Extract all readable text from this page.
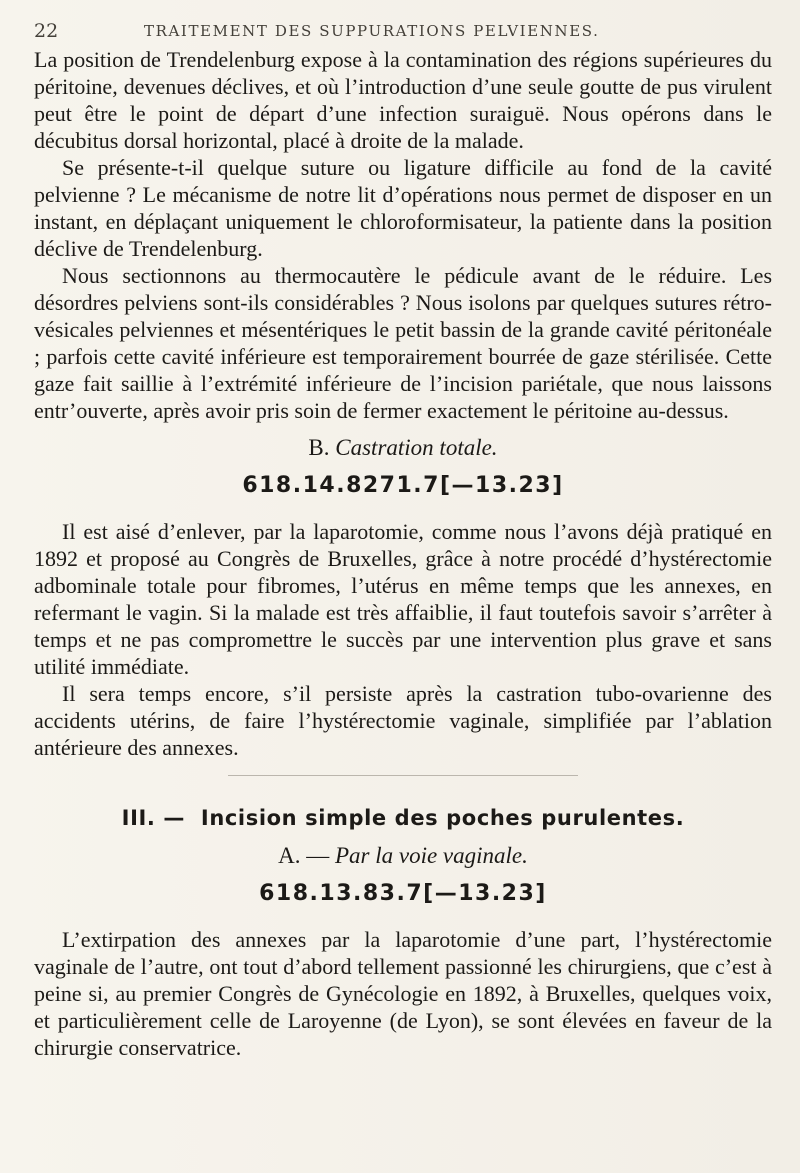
22	TRAITEMENT DES SUPPURATIONS PELVIENNES.

La position de Trendelenburg expose à la contamination des régions supérieures du péritoine, devenues déclives, et où l’introduction d’une seule goutte de pus virulent peut être le point de départ d’une infection suraiguë. Nous opérons dans le décubitus dorsal horizontal, placé à droite de la malade.

Se présente-t-il quelque suture ou ligature difficile au fond de la cavité pelvienne ? Le mécanisme de notre lit d’opérations nous permet de disposer en un instant, en déplaçant uniquement le chloroformisateur, la patiente dans la position déclive de Trendelenburg.

Nous sectionnons au thermocautère le pédicule avant de le réduire. Les désordres pelviens sont-ils considérables ? Nous isolons par quelques sutures rétro-vésicales pelviennes et mésentériques le petit bassin de la grande cavité péritonéale ; parfois cette cavité inférieure est temporairement bourrée de gaze stérilisée. Cette gaze fait saillie à l’extrémité inférieure de l’incision pariétale, que nous laissons entr’ouverte, après avoir pris soin de fermer exactement le péritoine au-dessus.

B. Castration totale.
618.14.8271.7[—13.23]

Il est aisé d’enlever, par la laparotomie, comme nous l’avons déjà pratiqué en 1892 et proposé au Congrès de Bruxelles, grâce à notre procédé d’hystérectomie adbominale totale pour fibromes, l’utérus en même temps que les annexes, en refermant le vagin. Si la malade est très affaiblie, il faut toutefois savoir s’arrêter à temps et ne pas compromettre le succès par une intervention plus grave et sans utilité immédiate.

Il sera temps encore, s’il persiste après la castration tubo-ovarienne des accidents utérins, de faire l’hystérectomie vaginale, simplifiée par l’ablation antérieure des annexes.

III. — Incision simple des poches purulentes.
A. — Par la voie vaginale.
618.13.83.7[—13.23]

L’extirpation des annexes par la laparotomie d’une part, l’hystérectomie vaginale de l’autre, ont tout d’abord tellement passionné les chirurgiens, que c’est à peine si, au premier Congrès de Gynécologie en 1892, à Bruxelles, quelques voix, et particulièrement celle de Laroyenne (de Lyon), se sont élevées en faveur de la chirurgie conservatrice.
